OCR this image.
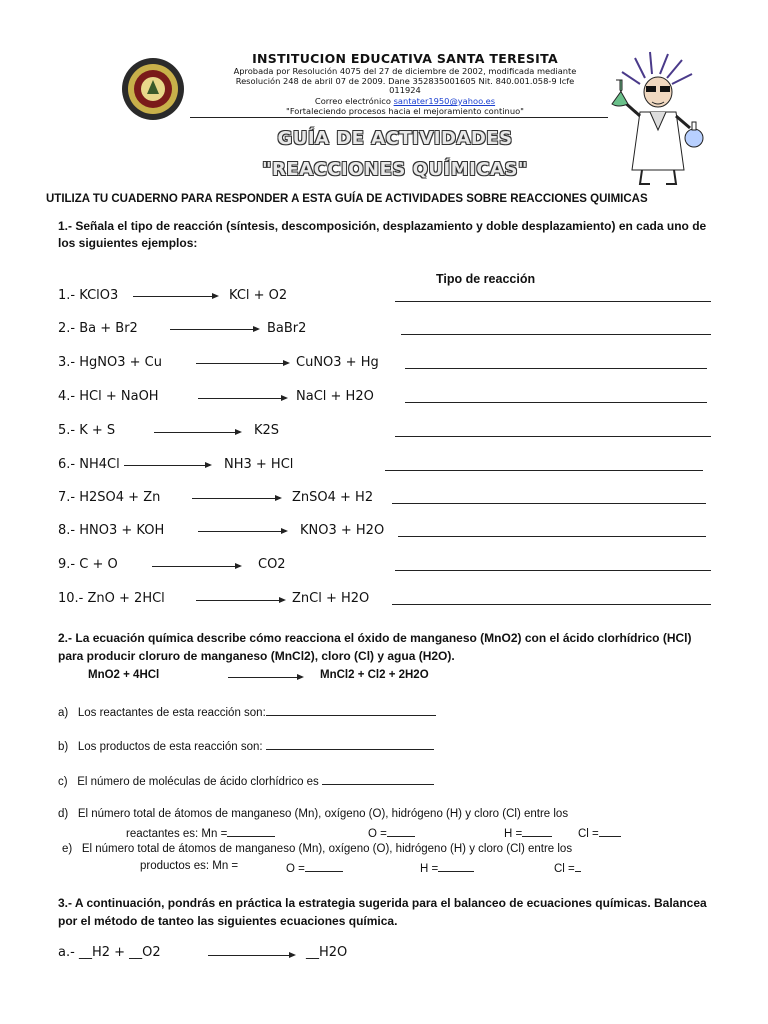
INSTITUCION EDUCATIVA SANTA TERESITA
Aprobada por Resolución 4075 del 27 de diciembre de 2002, modificada mediante
Resolución 248 de abril 07 de 2009. Dane 352835001605 Nit. 840.001.058-9 Icfe
011924
Correo electrónico santater1950@yahoo.es
"Fortaleciendo procesos hacia el mejoramiento continuo"
GUÍA DE ACTIVIDADES
"REACCIONES QUÍMICAS"
UTILIZA TU CUADERNO PARA RESPONDER A ESTA GUÍA DE ACTIVIDADES SOBRE REACCIONES QUIMICAS
1.- Señala el tipo de reacción (síntesis, descomposición, desplazamiento y doble desplazamiento) en cada uno de los siguientes ejemplos:
Tipo de reacción
1.- KClO3	KCl + O2
2.- Ba + Br2	BaBr2
3.- HgNO3 + Cu	CuNO3 + Hg
4.- HCl + NaOH	NaCl + H2O
5.- K + S	K2S
6.- NH4Cl	NH3 + HCl
7.- H2SO4 + Zn	ZnSO4 + H2
8.- HNO3 + KOH	KNO3 + H2O
9.- C + O	CO2
10.- ZnO + 2HCl	ZnCl + H2O
2.- La ecuación química describe cómo reacciona el óxido de manganeso (MnO2) con el ácido clorhídrico (HCl)
para producir cloruro de manganeso (MnCl2), cloro (Cl) y agua (H2O).
MnO2 + 4HCl	MnCl2 + Cl2 + 2H2O
a) Los reactantes de esta reacción son:
b) Los productos de esta reacción son:
c) El número de moléculas de ácido clorhídrico es
d) El número total de átomos de manganeso (Mn), oxígeno (O), hidrógeno (H) y cloro (Cl) entre los
reactantes es: Mn =	O =	H =	Cl =
e) El número total de átomos de manganeso (Mn), oxígeno (O), hidrógeno (H) y cloro (Cl) entre los
productos es: Mn =	O =	H =	Cl =
3.- A continuación, pondrás en práctica la estrategia sugerida para el balanceo de ecuaciones químicas. Balancea
por el método de tanteo las siguientes ecuaciones química.
a.- __H2 + __O2	__H2O
